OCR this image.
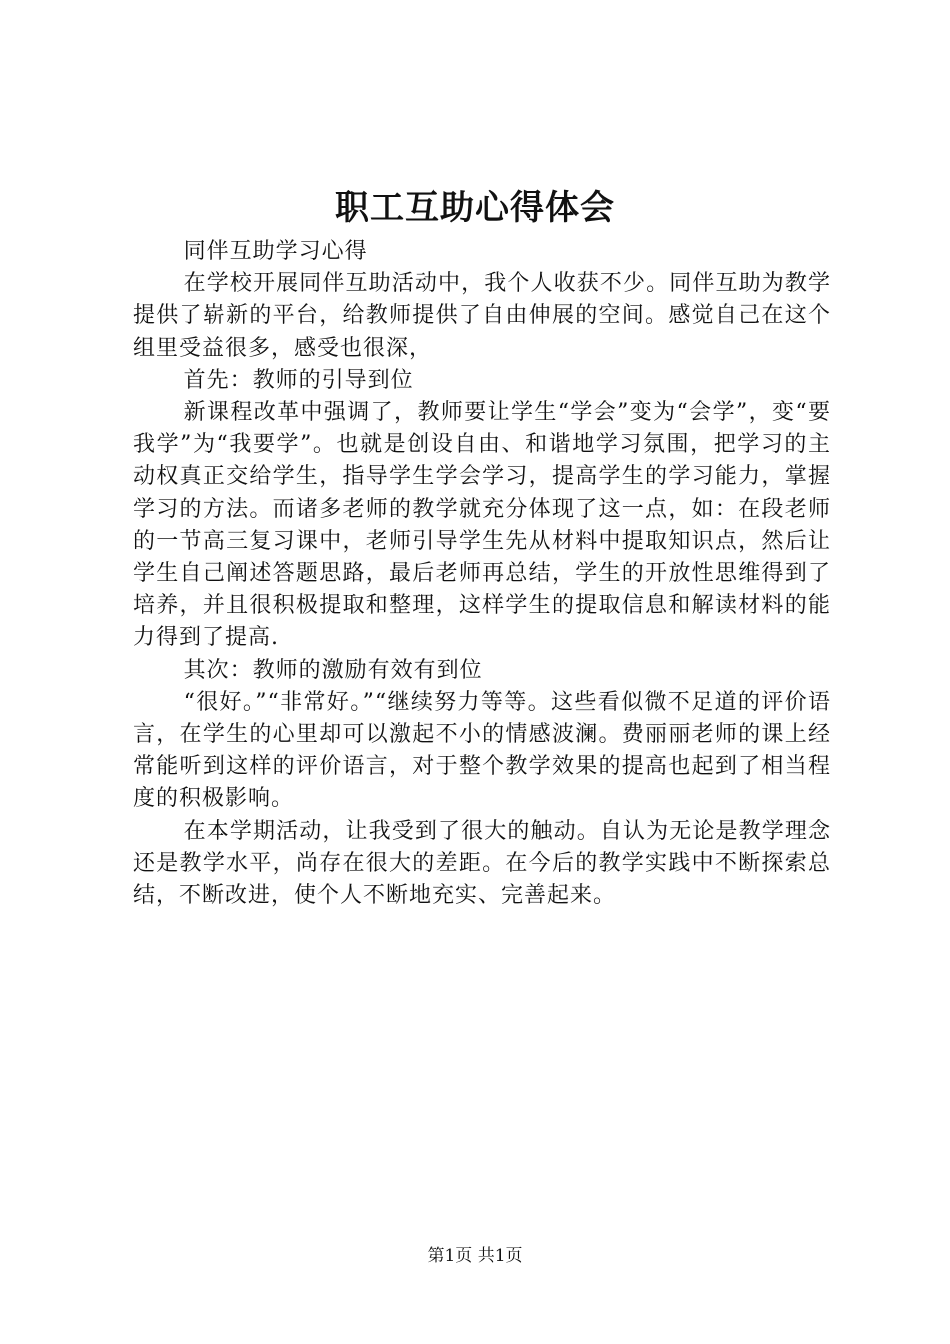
职工互助心得体会

同伴互助学习心得

在学校开展同伴互助活动中，我个人收获不少。同伴互助为教学提供了崭新的平台，给教师提供了自由伸展的空间。感觉自己在这个组里受益很多，感受也很深，

首先：教师的引导到位

新课程改革中强调了，教师要让学生“学会”变为“会学”，变“要我学”为“我要学”。也就是创设自由、和谐地学习氛围，把学习的主动权真正交给学生，指导学生学会学习，提高学生的学习能力，掌握学习的方法。而诸多老师的教学就充分体现了这一点，如：在段老师的一节高三复习课中，老师引导学生先从材料中提取知识点，然后让学生自己阐述答题思路，最后老师再总结，学生的开放性思维得到了培养，并且很积极提取和整理，这样学生的提取信息和解读材料的能力得到了提高.

其次：教师的激励有效有到位

“很好。”“非常好。”“继续努力等等。这些看似微不足道的评价语言，在学生的心里却可以激起不小的情感波澜。费丽丽老师的课上经常能听到这样的评价语言，对于整个教学效果的提高也起到了相当程度的积极影响。

在本学期活动，让我受到了很大的触动。自认为无论是教学理念还是教学水平，尚存在很大的差距。在今后的教学实践中不断探索总结，不断改进，使个人不断地充实、完善起来。

第1页 共1页
